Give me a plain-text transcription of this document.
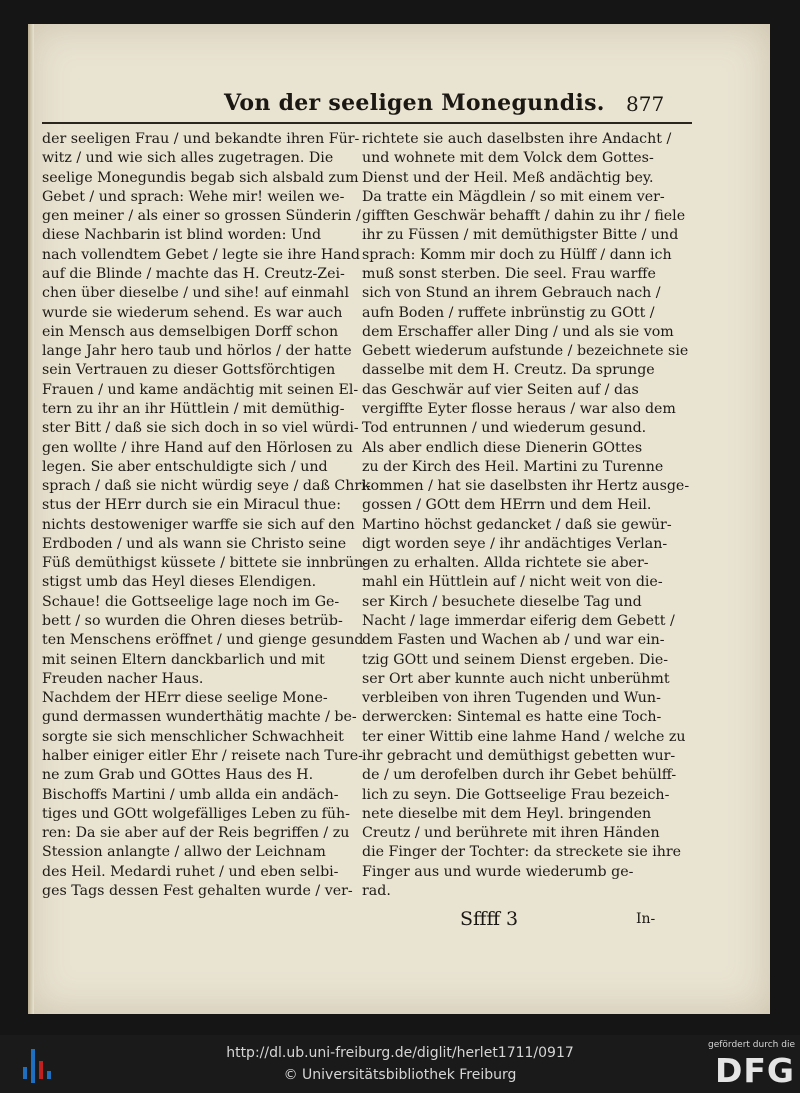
Von der seeligen Monegundis. 877
der seeligen Frau / und bekandte ihren Für-
witz / und wie sich alles zugetragen. Die
seelige Monegundis begab sich alsbald zum
Gebet / und sprach: Wehe mir! weilen we-
gen meiner / als einer so grossen Sünderin /
diese Nachbarin ist blind worden: Und
nach vollendtem Gebet / legte sie ihre Hand
auf die Blinde / machte das H. Creutz-Zei-
chen über dieselbe / und sihe! auf einmahl
wurde sie wiederum sehend. Es war auch
ein Mensch aus demselbigen Dorff schon
lange Jahr hero taub und hörlos / der hatte
sein Vertrauen zu dieser Gottsförchtigen
Frauen / und kame andächtig mit seinen El-
tern zu ihr an ihr Hüttlein / mit demüthig-
ster Bitt / daß sie sich doch in so viel würdi-
gen wollte / ihre Hand auf den Hörlosen zu
legen. Sie aber entschuldigte sich / und
sprach / daß sie nicht würdig seye / daß Chri-
stus der HErr durch sie ein Miracul thue:
nichts destoweniger warffe sie sich auf den
Erdboden / und als wann sie Christo seine
Füß demüthigst küssete / bittete sie innbrün-
stigst umb das Heyl dieses Elendigen.
Schaue! die Gottseelige lage noch im Ge-
bett / so wurden die Ohren dieses betrüb-
ten Menschens eröffnet / und gienge gesund
mit seinen Eltern danckbarlich und mit
Freuden nacher Haus.
Nachdem der HErr diese seelige Mone-
gund dermassen wunderthätig machte / be-
sorgte sie sich menschlicher Schwachheit
halber einiger eitler Ehr / reisete nach Ture-
ne zum Grab und GOttes Haus des H.
Bischoffs Martini / umb allda ein andäch-
tiges und GOtt wolgefälliges Leben zu füh-
ren: Da sie aber auf der Reis begriffen / zu
Stession anlangte / allwo der Leichnam
des Heil. Medardi ruhet / und eben selbi-
ges Tags dessen Fest gehalten wurde / ver-
richtete sie auch daselbsten ihre Andacht /
und wohnete mit dem Volck dem Gottes-
Dienst und der Heil. Meß andächtig bey.
Da tratte ein Mägdlein / so mit einem ver-
gifften Geschwär behafft / dahin zu ihr / fiele
ihr zu Füssen / mit demüthigster Bitte / und
sprach: Komm mir doch zu Hülff / dann ich
muß sonst sterben. Die seel. Frau warffe
sich von Stund an ihrem Gebrauch nach /
aufn Boden / ruffete inbrünstig zu GOtt /
dem Erschaffer aller Ding / und als sie vom
Gebett wiederum aufstunde / bezeichnete sie
dasselbe mit dem H. Creutz. Da sprunge
das Geschwär auf vier Seiten auf / das
vergiffte Eyter flosse heraus / war also dem
Tod entrunnen / und wiederum gesund.
Als aber endlich diese Dienerin GOttes
zu der Kirch des Heil. Martini zu Turenne
kommen / hat sie daselbsten ihr Hertz ausge-
gossen / GOtt dem HErrn und dem Heil.
Martino höchst gedancket / daß sie gewür-
digt worden seye / ihr andächtiges Verlan-
gen zu erhalten. Allda richtete sie aber-
mahl ein Hüttlein auf / nicht weit von die-
ser Kirch / besuchete dieselbe Tag und
Nacht / lage immerdar eiferig dem Gebett /
dem Fasten und Wachen ab / und war ein-
tzig GOtt und seinem Dienst ergeben. Die-
ser Ort aber kunnte auch nicht unberühmt
verbleiben von ihren Tugenden und Wun-
derwercken: Sintemal es hatte eine Toch-
ter einer Wittib eine lahme Hand / welche zu
ihr gebracht und demüthigst gebetten wur-
de / um derofelben durch ihr Gebet behülff-
lich zu seyn. Die Gottseelige Frau bezeich-
nete dieselbe mit dem Heyl. bringenden
Creutz / und berührete mit ihren Händen
die Finger der Tochter: da streckete sie ihre
Finger aus und wurde wiederumb ge-
rad.
Sffff 3	In-
http://dl.ub.uni-freiburg.de/diglit/herlet1711/0917
© Universitätsbibliothek Freiburg
gefördert durch die
DFG
